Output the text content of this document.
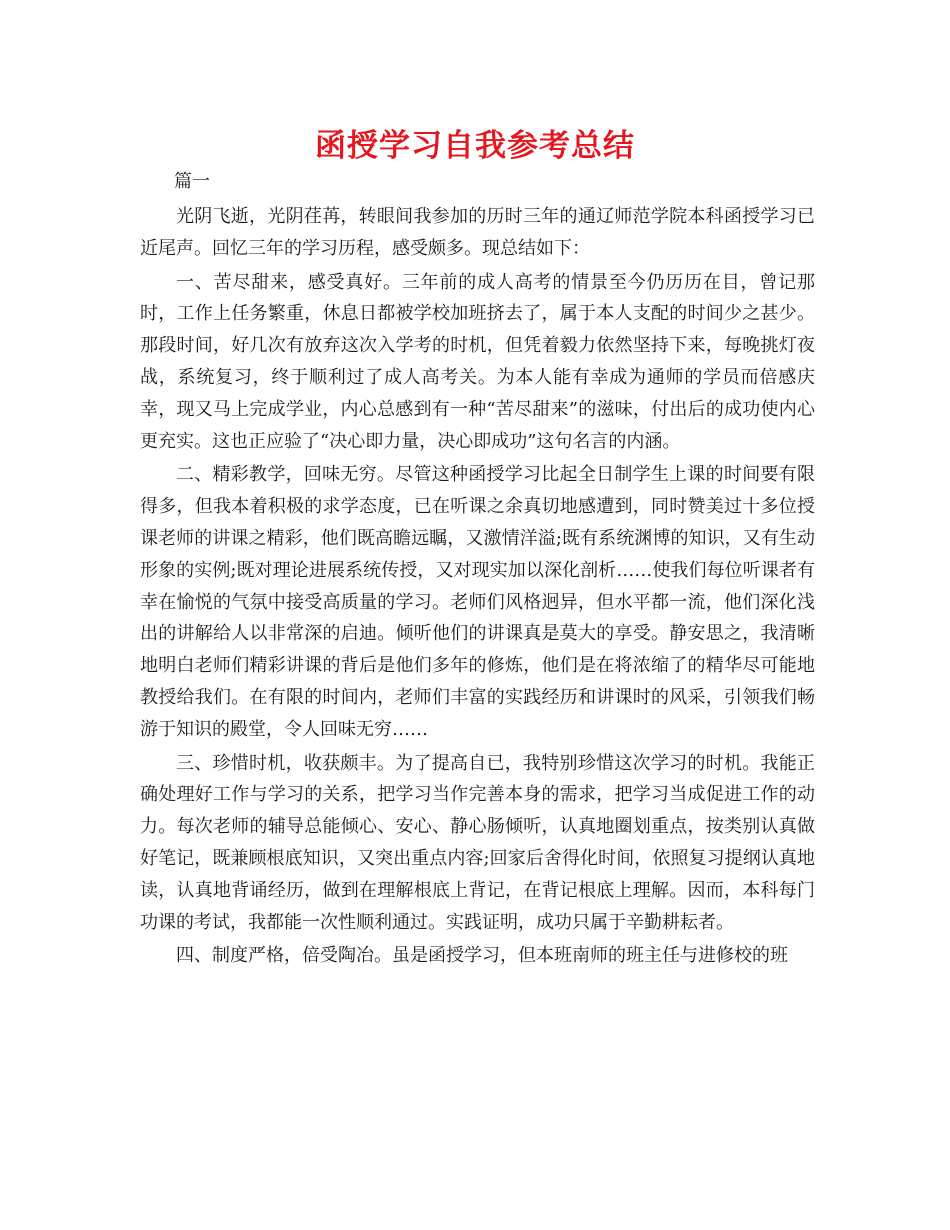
函授学习自我参考总结

篇一

光阴飞逝，光阴荏苒，转眼间我参加的历时三年的通辽师范学院本科函授学习已近尾声。回忆三年的学习历程，感受颇多。现总结如下：

一、苦尽甜来，感受真好。三年前的成人高考的情景至今仍历历在目，曾记那时，工作上任务繁重，休息日都被学校加班挤去了，属于本人支配的时间少之甚少。那段时间，好几次有放弃这次入学考的时机，但凭着毅力依然坚持下来，每晚挑灯夜战，系统复习，终于顺利过了成人高考关。为本人能有幸成为通师的学员而倍感庆幸，现又马上完成学业，内心总感到有一种“苦尽甜来”的滋味，付出后的成功使内心更充实。这也正应验了“决心即力量，决心即成功”这句名言的内涵。

二、精彩教学，回味无穷。尽管这种函授学习比起全日制学生上课的时间要有限得多，但我本着积极的求学态度，已在听课之余真切地感遭到，同时赞美过十多位授课老师的讲课之精彩，他们既高瞻远瞩，又激情洋溢;既有系统渊博的知识，又有生动形象的实例;既对理论进展系统传授，又对现实加以深化剖析……使我们每位听课者有幸在愉悦的气氛中接受高质量的学习。老师们风格迥异，但水平都一流，他们深化浅出的讲解给人以非常深的启迪。倾听他们的讲课真是莫大的享受。静安思之，我清晰地明白老师们精彩讲课的背后是他们多年的修炼，他们是在将浓缩了的精华尽可能地教授给我们。在有限的时间内，老师们丰富的实践经历和讲课时的风采，引领我们畅游于知识的殿堂，令人回味无穷……

三、珍惜时机，收获颇丰。为了提高自已，我特别珍惜这次学习的时机。我能正确处理好工作与学习的关系，把学习当作完善本身的需求，把学习当成促进工作的动力。每次老师的辅导总能倾心、安心、静心肠倾听，认真地圈划重点，按类别认真做好笔记，既兼顾根底知识，又突出重点内容;回家后舍得化时间，依照复习提纲认真地读，认真地背诵经历，做到在理解根底上背记，在背记根底上理解。因而，本科每门功课的考试，我都能一次性顺利通过。实践证明，成功只属于辛勤耕耘者。

四、制度严格，倍受陶冶。虽是函授学习，但本班南师的班主任与进修校的班
